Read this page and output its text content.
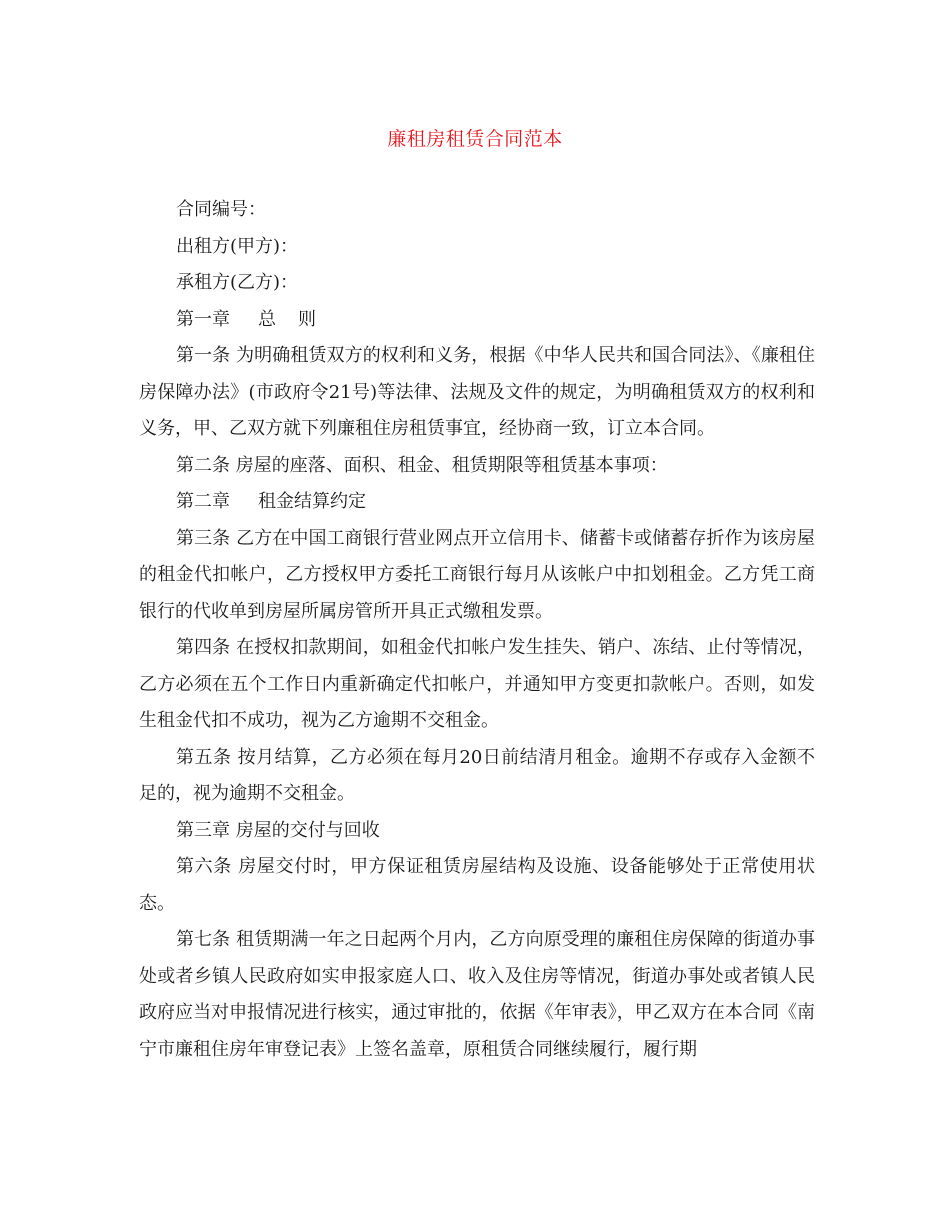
廉租房租赁合同范本

合同编号：

出租方(甲方)：

承租方(乙方)：

第一章 总 则

第一条 为明确租赁双方的权利和义务，根据《中华人民共和国合同法》、《廉租住房保障办法》(市政府令21号)等法律、法规及文件的规定，为明确租赁双方的权利和义务，甲、乙双方就下列廉租住房租赁事宜，经协商一致，订立本合同。

第二条 房屋的座落、面积、租金、租赁期限等租赁基本事项：

第二章 租金结算约定

第三条 乙方在中国工商银行营业网点开立信用卡、储蓄卡或储蓄存折作为该房屋的租金代扣帐户，乙方授权甲方委托工商银行每月从该帐户中扣划租金。乙方凭工商银行的代收单到房屋所属房管所开具正式缴租发票。

第四条 在授权扣款期间，如租金代扣帐户发生挂失、销户、冻结、止付等情况，乙方必须在五个工作日内重新确定代扣帐户，并通知甲方变更扣款帐户。否则，如发生租金代扣不成功，视为乙方逾期不交租金。

第五条 按月结算，乙方必须在每月20日前结清月租金。逾期不存或存入金额不足的，视为逾期不交租金。

第三章 房屋的交付与回收

第六条 房屋交付时，甲方保证租赁房屋结构及设施、设备能够处于正常使用状态。

第七条 租赁期满一年之日起两个月内，乙方向原受理的廉租住房保障的街道办事处或者乡镇人民政府如实申报家庭人口、收入及住房等情况，街道办事处或者镇人民政府应当对申报情况进行核实，通过审批的，依据《年审表》，甲乙双方在本合同《南宁市廉租住房年审登记表》上签名盖章，原租赁合同继续履行，履行期
